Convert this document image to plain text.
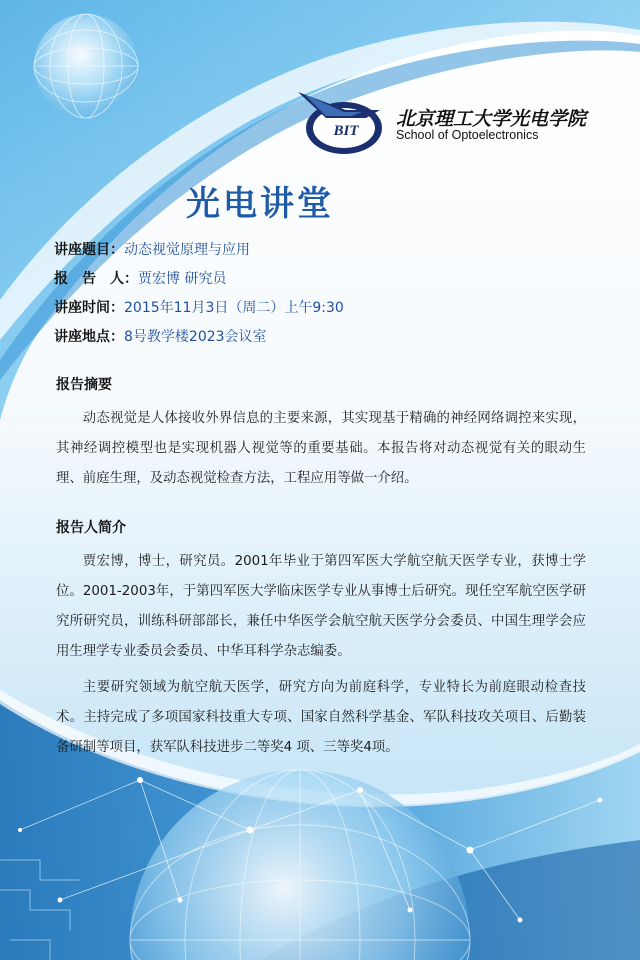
BIT
北京理工大学光电学院
School of Optoelectronics
光电讲堂
讲座题目：动态视觉原理与应用
报　告　人：贾宏博 研究员
讲座时间：2015年11月3日（周二）上午9:30
讲座地点：8号教学楼2023会议室
报告摘要

动态视觉是人体接收外界信息的主要来源，其实现基于精确的神经网络调控来实现，其神经调控模型也是实现机器人视觉等的重要基础。本报告将对动态视觉有关的眼动生理、前庭生理，及动态视觉检查方法，工程应用等做一介绍。

报告人简介

贾宏博，博士，研究员。2001年毕业于第四军医大学航空航天医学专业，获博士学位。2001-2003年，于第四军医大学临床医学专业从事博士后研究。现任空军航空医学研究所研究员，训练科研部部长，兼任中华医学会航空航天医学分会委员、中国生理学会应用生理学专业委员会委员、中华耳科学杂志编委。

主要研究领域为航空航天医学，研究方向为前庭科学，专业特长为前庭眼动检查技术。主持完成了多项国家科技重大专项、国家自然科学基金、军队科技攻关项目、后勤装备研制等项目，获军队科技进步二等奖4 项、三等奖4项。
